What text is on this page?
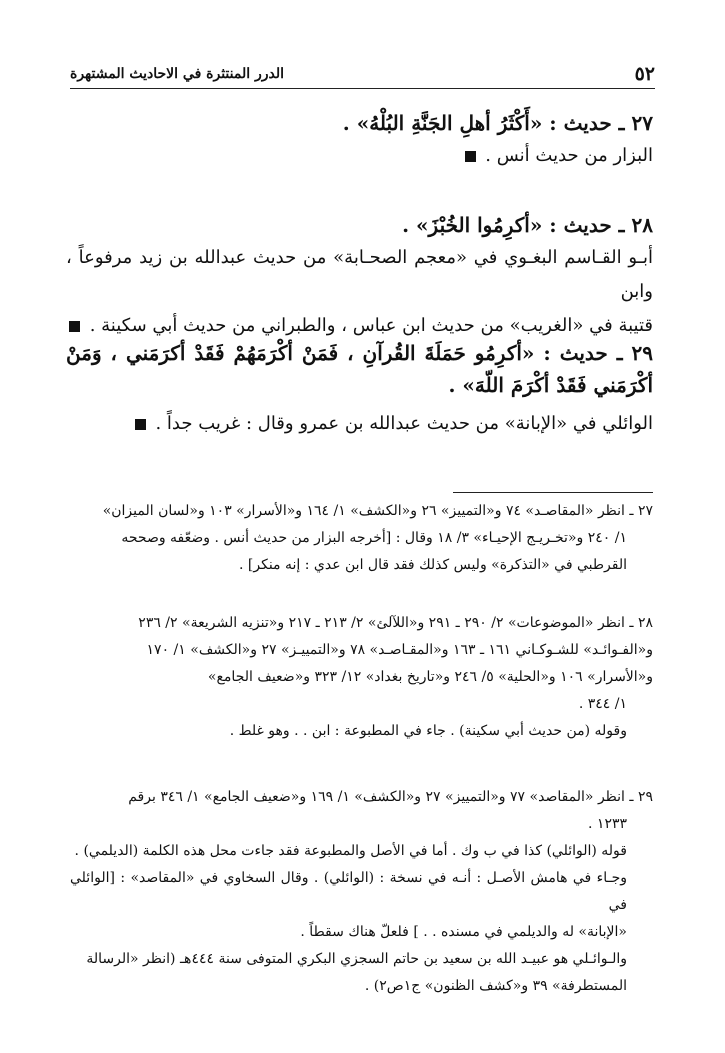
٥٢
الدرر المنتثرة في الاحاديث المشتهرة
٢٧ ـ حديث : «أَكْثَرُ أهلِ الجَنَّةِ البُلْهُ» .
البزار من حديث أنس .
٢٨ ـ حديث : «أكرِمُوا الخُبْزَ» .
أبـو القـاسم البغـوي في «معجم الصحـابة» من حديث عبدالله بن زيد مرفوعاً ، وابن
قتيبة في «الغريب» من حديث ابن عباس ، والطبراني من حديث أبي سكينة .
٢٩ ـ حديث : «أكرِمُو حَمَلَةَ القُرآنِ ، فَمَنْ أكْرَمَهُمْ فَقَدْ أكرَمَني ، وَمَنْ أكْرَمَني فَقَدْ أكْرَمَ اللّهَ» .
الوائلي في «الإبانة» من حديث عبدالله بن عمرو وقال : غريب جداً .
٢٧ ـ انظر «المقاصـد» ٧٤ و«التمييز» ٢٦ و«الكشف» ١/ ١٦٤ و«الأسرار» ١٠٣ و«لسان الميزان»
١/ ٢٤٠ و«تخـريـج الإحيـاء» ٣/ ١٨ وقال : [أخرجه البزار من حديث أنس . وضعّفه وصححه
القرطبي في «التذكرة» وليس كذلك فقد قال ابن عدي : إنه منكر] .
٢٨ ـ انظر «الموضوعات» ٢/ ٢٩٠ ـ ٢٩١ و«اللآلئ» ٢/ ٢١٣ ـ ٢١٧ و«تنزيه الشريعة» ٢/ ٢٣٦
و«الفـوائـد» للشـوكـاني ١٦١ ـ ١٦٣ و«المقـاصـد» ٧٨ و«التمييـز» ٢٧ و«الكشف» ١/ ١٧٠
و«الأسرار» ١٠٦ و«الحلية» ٥/ ٢٤٦ و«تاريخ بغداد» ١٢/ ٣٢٣ و«ضعيف الجامع»
١/ ٣٤٤ .
وقوله (من حديث أبي سكينة) . جاء في المطبوعة : ابن . . وهو غلط .
٢٩ ـ انظر «المقاصد» ٧٧ و«التمييز» ٢٧ و«الكشف» ١/ ١٦٩ و«ضعيف الجامع» ١/ ٣٤٦ برقم
١٢٣٣ .
قوله (الوائلي) كذا في ب وك . أما في الأصل والمطبوعة فقد جاءت محل هذه الكلمة (الديلمي) .
وجـاء في هامش الأصـل : أنـه في نسخة : (الوائلي) . وقال السخاوي في «المقاصد» : [الوائلي في
«الإبانة» له والديلمي في مسنده . . ] فلعلّ هناك سقطاً .
والـوائـلي هو عبيـد الله بن سعيد بن حاتم السجزي البكري المتوفى سنة ٤٤٤هـ (انظر «الرسالة
المستطرفة» ٣٩ و«كشف الظنون» ج١ص٢) .
